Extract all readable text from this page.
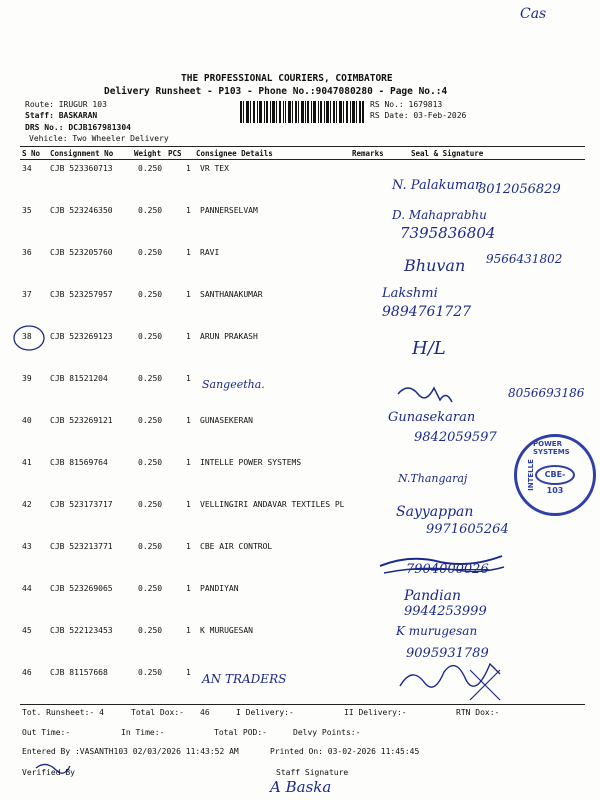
Cas
THE PROFESSIONAL COURIERS, COIMBATORE
Delivery Runsheet - P103 - Phone No.:9047080280 - Page No.:4
Route: IRUGUR 103
Staff: BASKARAN
DRS No.: DCJB167981304
Vehicle: Two Wheeler Delivery
RS No.: 1679813
RS Date: 03-Feb-2026
S No Consignment No	Weight PCS Consignee Details	Remarks	Seal & Signature
34 CJB 523360713	0.250	1 VR TEX
N. Palakumar
8012056829
35 CJB 523246350	0.250	1 PANNERSELVAM	D. Mahaprabhu
7395836804
36 CJB 523205760	0.250	1 RAVI
Bhuvan 9566431802
37 CJB 523257957	0.250	1 SANTHANAKUMAR	Lakshmi
9894761727
38 CJB 523269123	0.250	1 ARUN PRAKASH
H/L
39 CJB 81521204	0.250	1 Sangeetha.
8056693186
40 CJB 523269121	0.250	1 GUNASEKERAN	Gunasekaran
9842059597
41 CJB 81569764	0.250	1 INTELLE POWER SYSTEMS
N.Thangaraj
42 CJB 523173717	0.250	1 VELLINGIRI ANDAVAR TEXTILES PL	Sayyappan
9971605264
43 CJB 523213771	0.250	1 CBE AIR CONTROL
7904000026
44 CJB 523269065	0.250	1 PANDIYAN	Pandian
9944253999
45 CJB 522123453	0.250	1 K MURUGESAN	K murugesan
9095931789
46 CJB 81157668	0.250	1 AN TRADERS
POWER SYSTEMS
INTELLE	CBE-103
Tot. Runsheet:- 4	Total Dox:- 46	I Delivery:-	II Delivery:-	RTN Dox:-
Out Time:-	In Time:-	Total POD:-	Delvy Points:-
Entered By :VASANTH103 02/03/2026 11:43:52 AM	Printed On: 03-02-2026 11:45:45
Verified By	Staff Signature
A Baska
